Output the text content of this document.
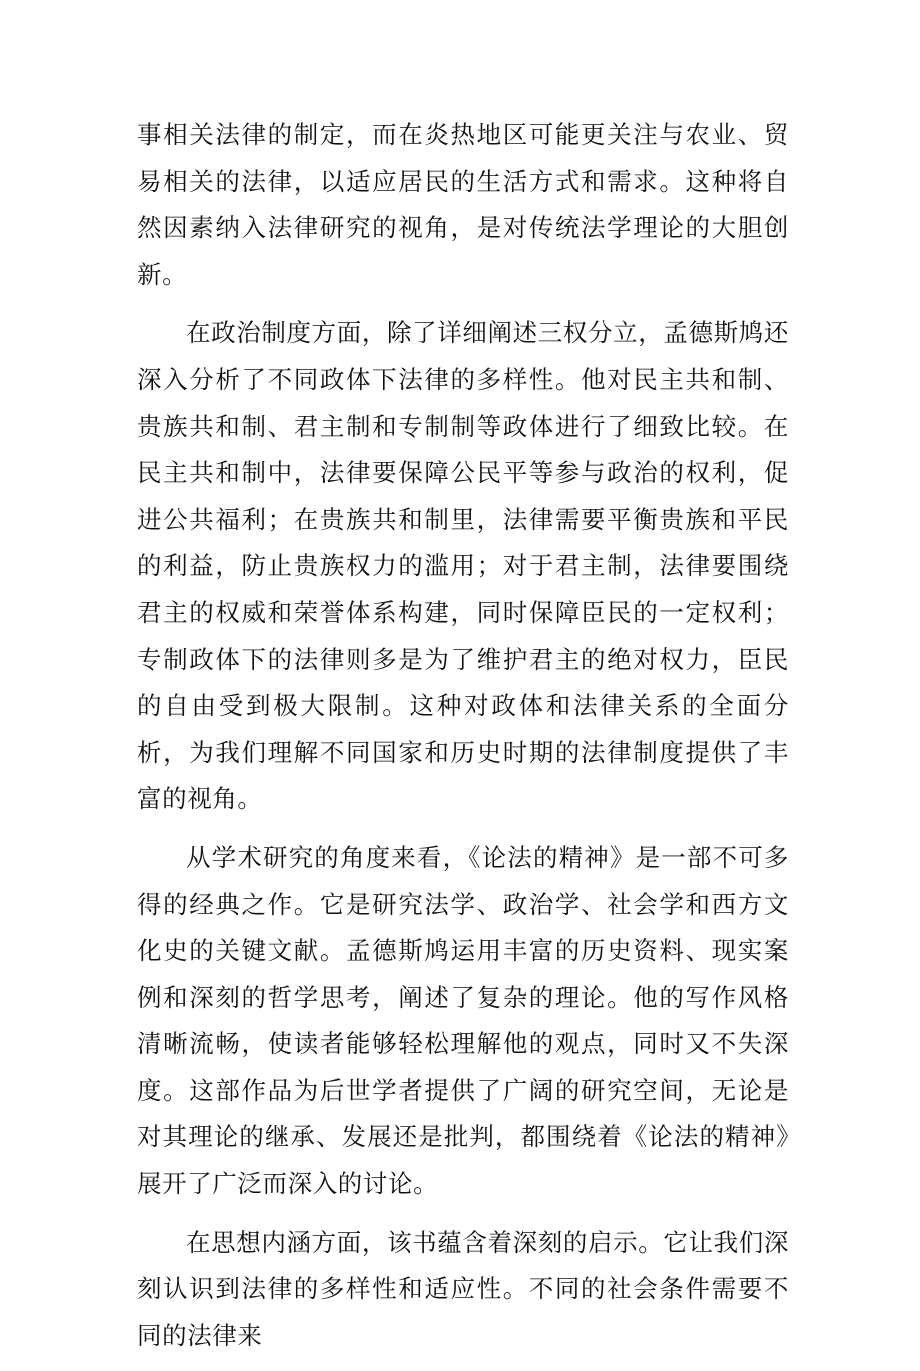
事相关法律的制定，而在炎热地区可能更关注与农业、贸易相关的法律，以适应居民的生活方式和需求。这种将自然因素纳入法律研究的视角，是对传统法学理论的大胆创新。

在政治制度方面，除了详细阐述三权分立，孟德斯鸠还深入分析了不同政体下法律的多样性。他对民主共和制、贵族共和制、君主制和专制制等政体进行了细致比较。在民主共和制中，法律要保障公民平等参与政治的权利，促进公共福利；在贵族共和制里，法律需要平衡贵族和平民的利益，防止贵族权力的滥用；对于君主制，法律要围绕君主的权威和荣誉体系构建，同时保障臣民的一定权利；专制政体下的法律则多是为了维护君主的绝对权力，臣民的自由受到极大限制。这种对政体和法律关系的全面分析，为我们理解不同国家和历史时期的法律制度提供了丰富的视角。

从学术研究的角度来看，《论法的精神》是一部不可多得的经典之作。它是研究法学、政治学、社会学和西方文化史的关键文献。孟德斯鸠运用丰富的历史资料、现实案例和深刻的哲学思考，阐述了复杂的理论。他的写作风格清晰流畅，使读者能够轻松理解他的观点，同时又不失深度。这部作品为后世学者提供了广阔的研究空间，无论是对其理论的继承、发展还是批判，都围绕着《论法的精神》展开了广泛而深入的讨论。

在思想内涵方面，该书蕴含着深刻的启示。它让我们深刻认识到法律的多样性和适应性。不同的社会条件需要不同的法律来
